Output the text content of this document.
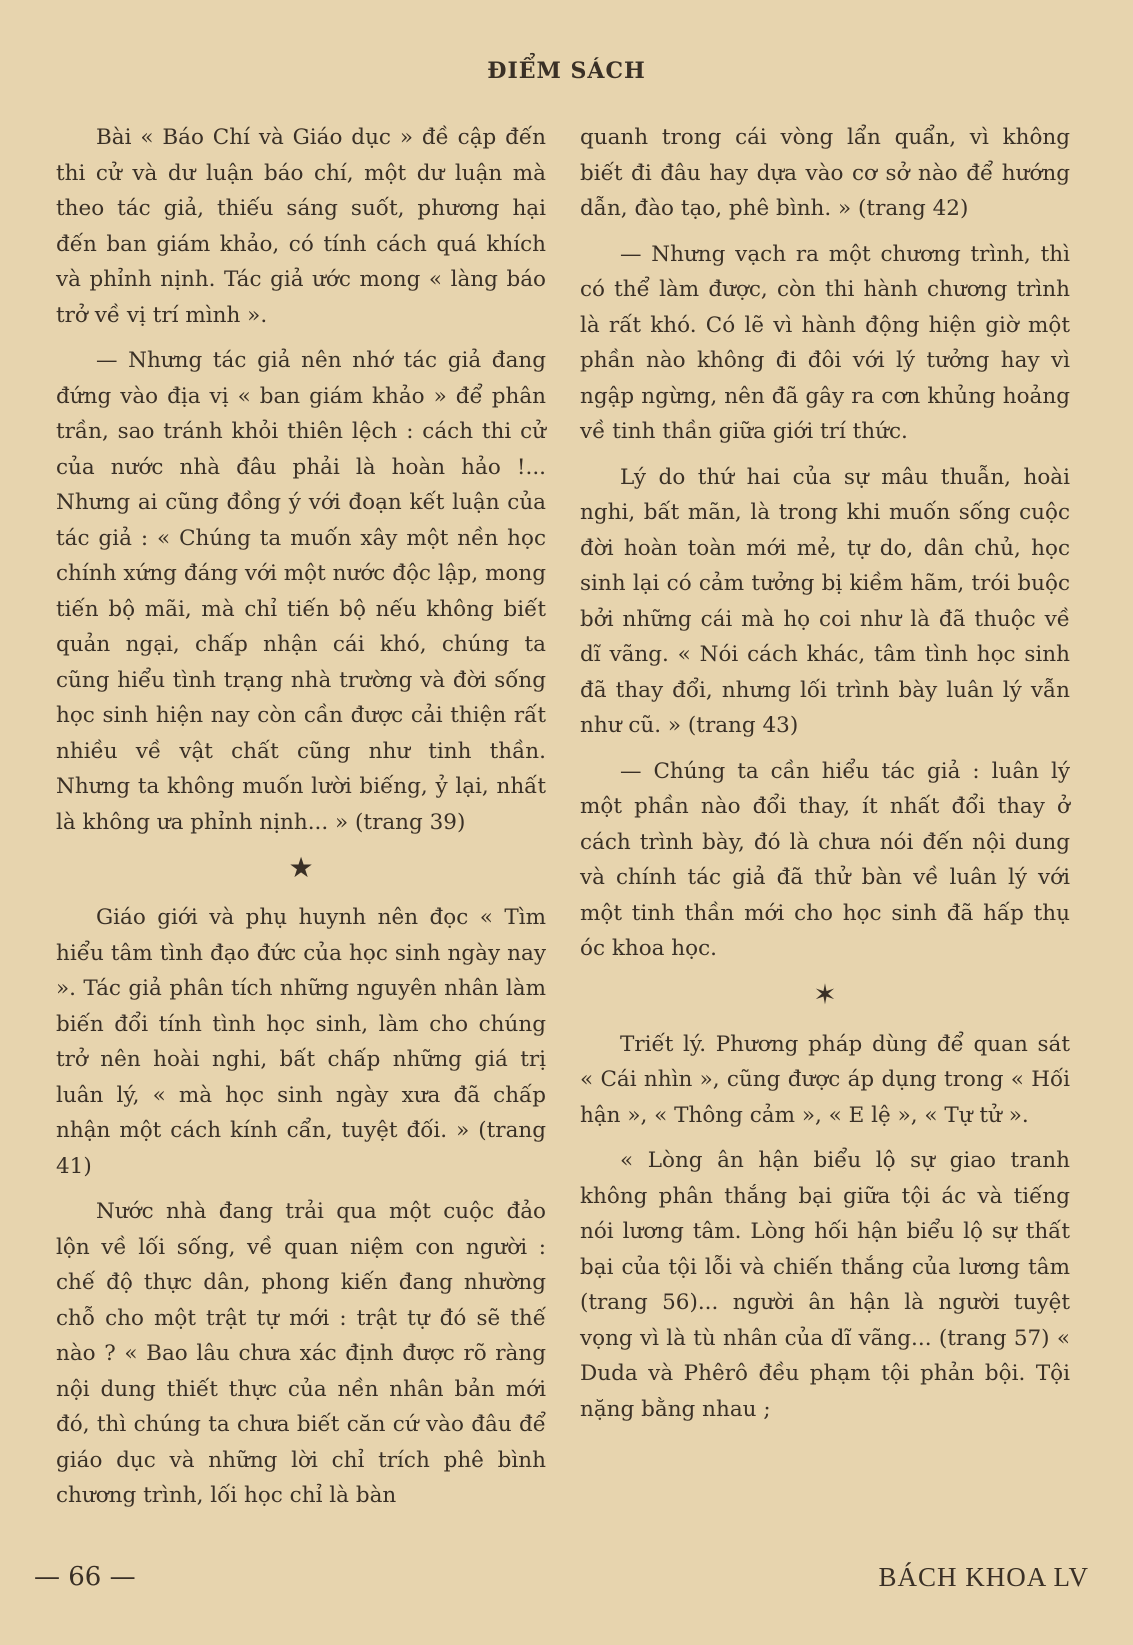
ĐIỂM SÁCH

Bài « Báo Chí và Giáo dục » đề cập đến thi cử và dư luận báo chí, một dư luận mà theo tác giả, thiếu sáng suốt, phương hại đến ban giám khảo, có tính cách quá khích và phỉnh nịnh. Tác giả ước mong « làng báo trở về vị trí mình ».

— Nhưng tác giả nên nhớ tác giả đang đứng vào địa vị « ban giám khảo » để phân trần, sao tránh khỏi thiên lệch : cách thi cử của nước nhà đâu phải là hoàn hảo !... Nhưng ai cũng đồng ý với đoạn kết luận của tác giả : « Chúng ta muốn xây một nền học chính xứng đáng với một nước độc lập, mong tiến bộ mãi, mà chỉ tiến bộ nếu không biết quản ngại, chấp nhận cái khó, chúng ta cũng hiểu tình trạng nhà trường và đời sống học sinh hiện nay còn cần được cải thiện rất nhiều về vật chất cũng như tinh thần. Nhưng ta không muốn lười biếng, ỷ lại, nhất là không ưa phỉnh nịnh... » (trang 39)

★

Giáo giới và phụ huynh nên đọc « Tìm hiểu tâm tình đạo đức của học sinh ngày nay ». Tác giả phân tích những nguyên nhân làm biến đổi tính tình học sinh, làm cho chúng trở nên hoài nghi, bất chấp những giá trị luân lý, « mà học sinh ngày xưa đã chấp nhận một cách kính cẩn, tuyệt đối. » (trang 41)

Nước nhà đang trải qua một cuộc đảo lộn về lối sống, về quan niệm con người : chế độ thực dân, phong kiến đang nhường chỗ cho một trật tự mới : trật tự đó sẽ thế nào ? « Bao lâu chưa xác định được rõ ràng nội dung thiết thực của nền nhân bản mới đó, thì chúng ta chưa biết căn cứ vào đâu để giáo dục và những lời chỉ trích phê bình chương trình, lối học chỉ là bàn

quanh trong cái vòng lẩn quẩn, vì không biết đi đâu hay dựa vào cơ sở nào để hướng dẫn, đào tạo, phê bình. » (trang 42)

— Nhưng vạch ra một chương trình, thì có thể làm được, còn thi hành chương trình là rất khó. Có lẽ vì hành động hiện giờ một phần nào không đi đôi với lý tưởng hay vì ngập ngừng, nên đã gây ra cơn khủng hoảng về tinh thần giữa giới trí thức.

Lý do thứ hai của sự mâu thuẫn, hoài nghi, bất mãn, là trong khi muốn sống cuộc đời hoàn toàn mới mẻ, tự do, dân chủ, học sinh lại có cảm tưởng bị kiềm hãm, trói buộc bởi những cái mà họ coi như là đã thuộc về dĩ vãng. « Nói cách khác, tâm tình học sinh đã thay đổi, nhưng lối trình bày luân lý vẫn như cũ. » (trang 43)

— Chúng ta cần hiểu tác giả : luân lý một phần nào đổi thay, ít nhất đổi thay ở cách trình bày, đó là chưa nói đến nội dung và chính tác giả đã thử bàn về luân lý với một tinh thần mới cho học sinh đã hấp thụ óc khoa học.

✶

Triết lý. Phương pháp dùng để quan sát « Cái nhìn », cũng được áp dụng trong « Hối hận », « Thông cảm », « E lệ », « Tự tử ».

« Lòng ân hận biểu lộ sự giao tranh không phân thắng bại giữa tội ác và tiếng nói lương tâm. Lòng hối hận biểu lộ sự thất bại của tội lỗi và chiến thắng của lương tâm (trang 56)... người ân hận là người tuyệt vọng vì là tù nhân của dĩ vãng... (trang 57) « Duda và Phêrô đều phạm tội phản bội. Tội nặng bằng nhau ;

— 66 —	BÁCH KHOA LV
